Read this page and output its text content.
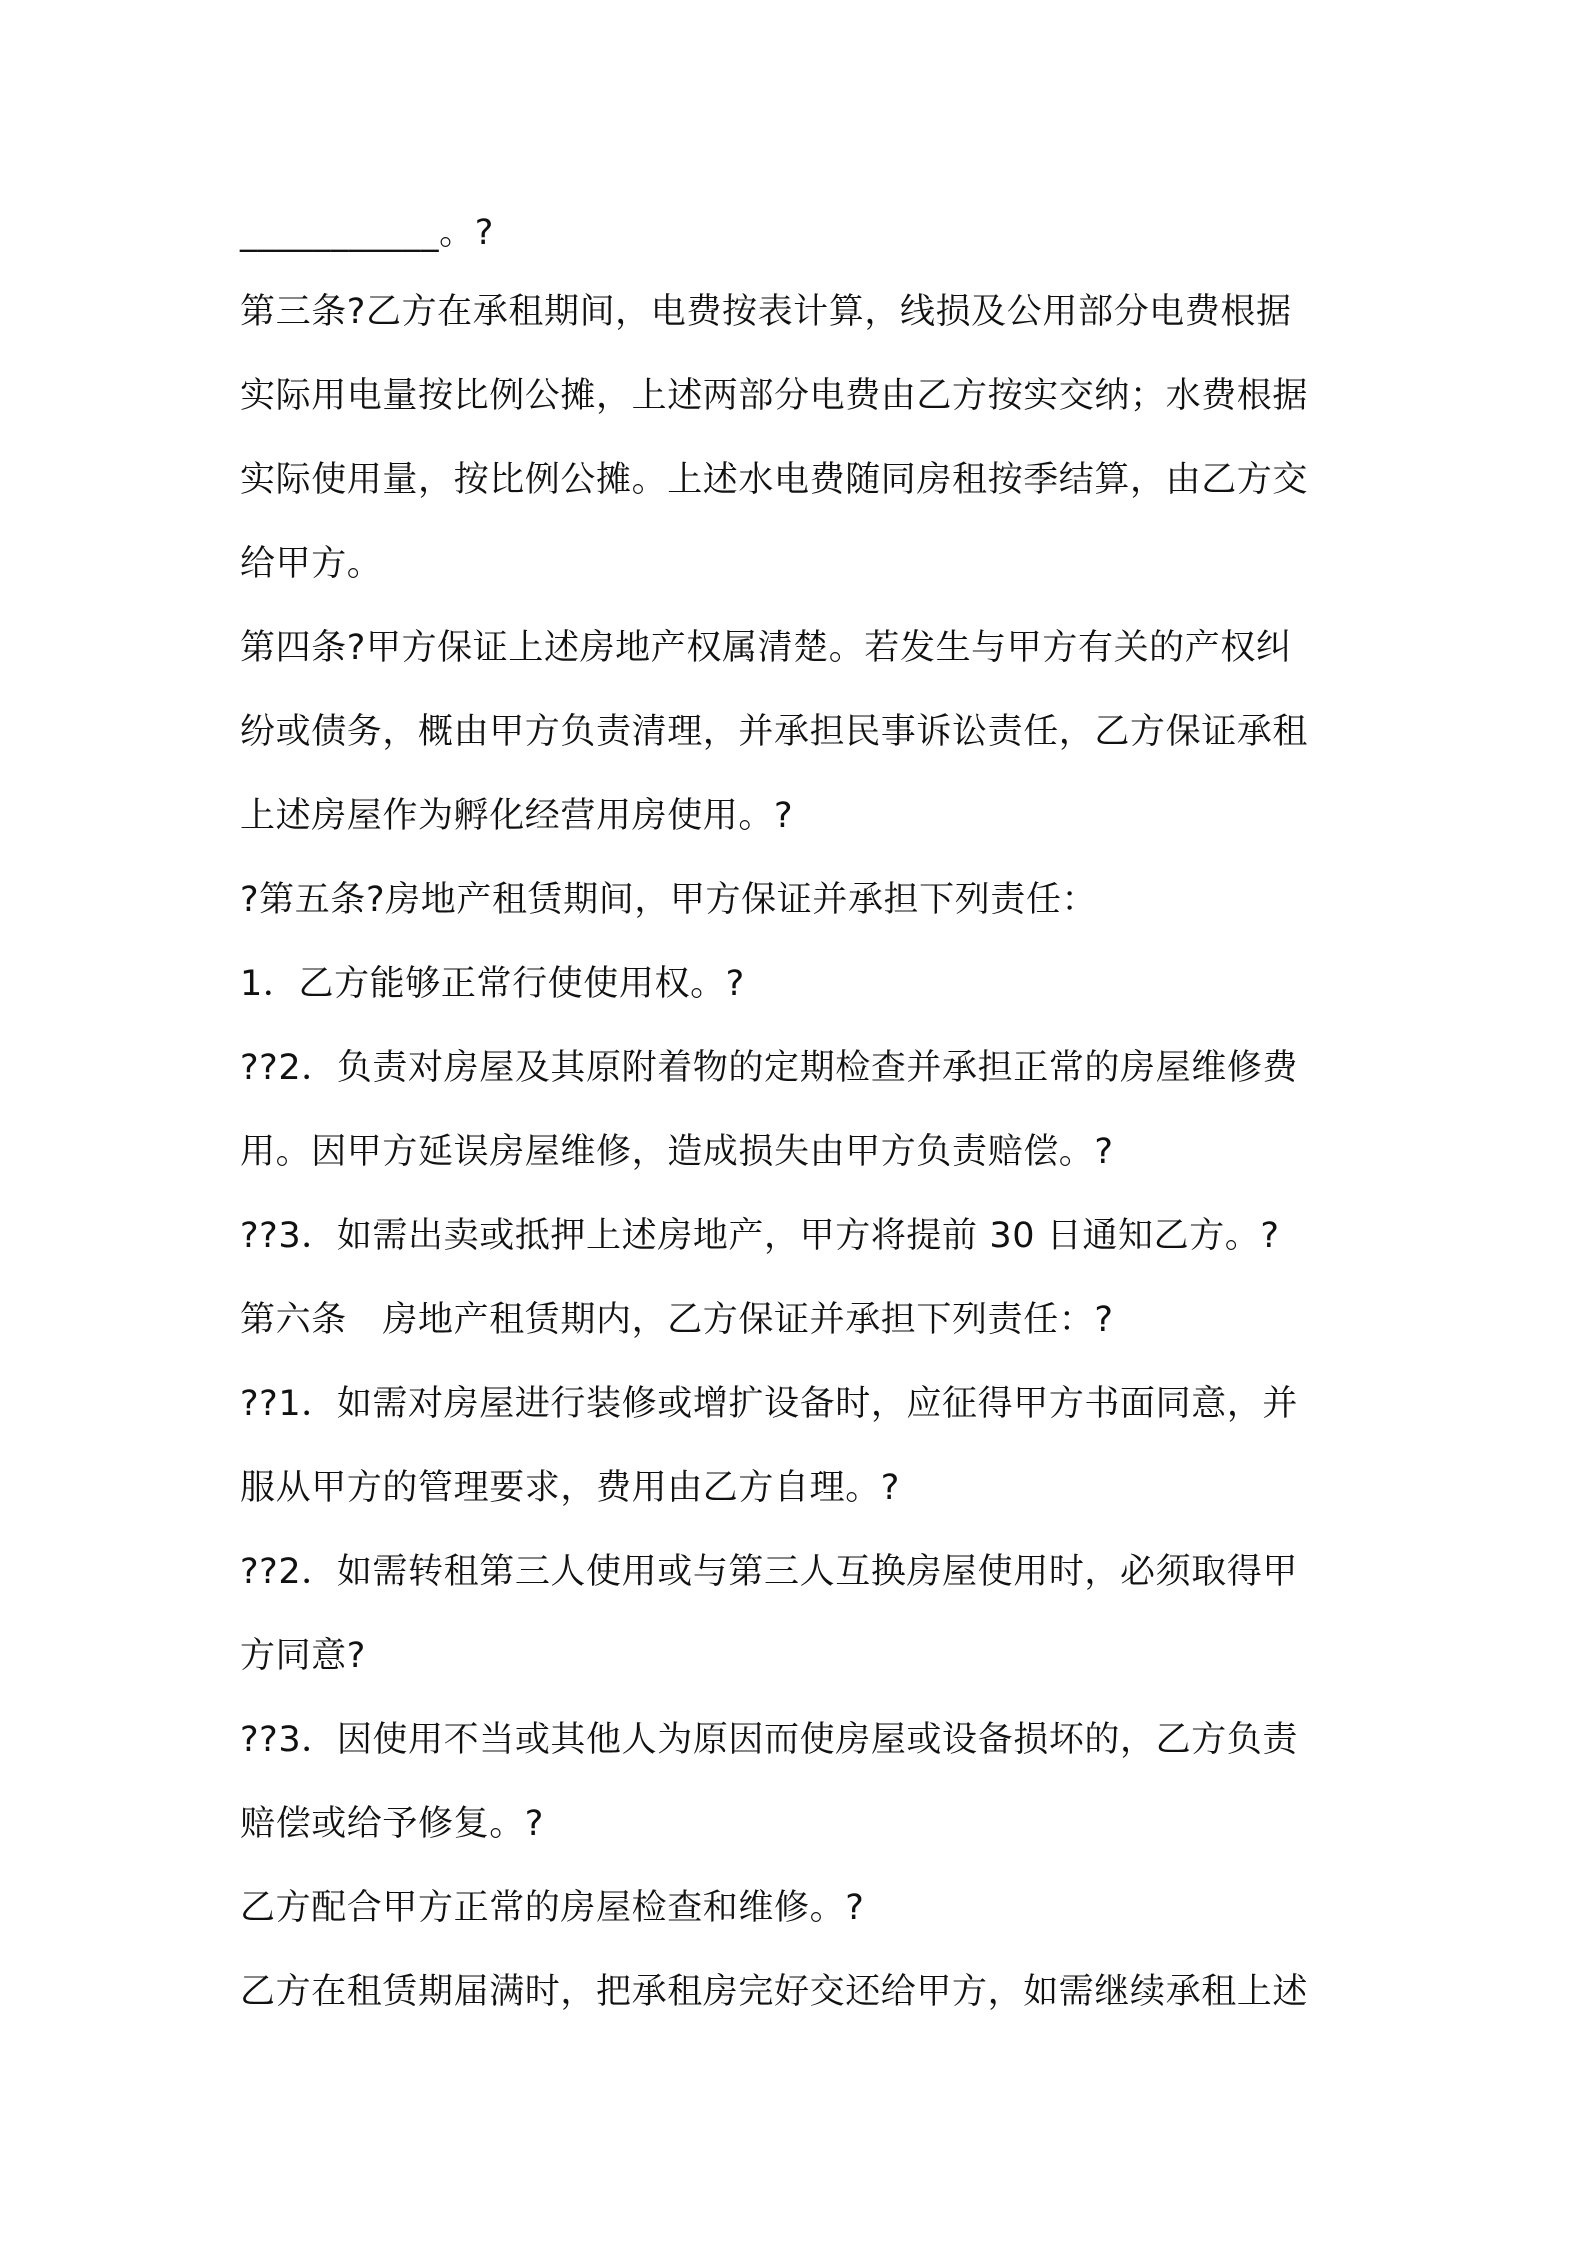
___________。?
第三条?乙方在承租期间，电费按表计算，线损及公用部分电费根据
实际用电量按比例公摊，上述两部分电费由乙方按实交纳；水费根据
实际使用量，按比例公摊。上述水电费随同房租按季结算，由乙方交
给甲方。
第四条?甲方保证上述房地产权属清楚。若发生与甲方有关的产权纠
纷或债务，概由甲方负责清理，并承担民事诉讼责任，乙方保证承租
上述房屋作为孵化经营用房使用。?
?第五条?房地产租赁期间，甲方保证并承担下列责任：
1．乙方能够正常行使使用权。?
??2．负责对房屋及其原附着物的定期检查并承担正常的房屋维修费
用。因甲方延误房屋维修，造成损失由甲方负责赔偿。?
??3．如需出卖或抵押上述房地产，甲方将提前 30 日通知乙方。?
第六条　房地产租赁期内，乙方保证并承担下列责任：?
??1．如需对房屋进行装修或增扩设备时，应征得甲方书面同意，并
服从甲方的管理要求，费用由乙方自理。?
??2．如需转租第三人使用或与第三人互换房屋使用时，必须取得甲
方同意?
??3．因使用不当或其他人为原因而使房屋或设备损坏的，乙方负责
赔偿或给予修复。?
乙方配合甲方正常的房屋检查和维修。?
乙方在租赁期届满时，把承租房完好交还给甲方，如需继续承租上述
